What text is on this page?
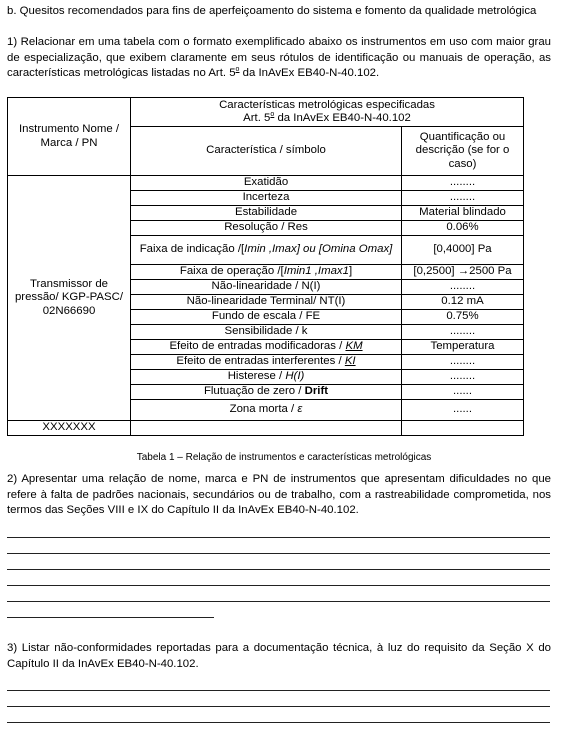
b. Quesitos recomendados para fins de aperfeiçoamento do sistema e fomento da qualidade metrológica

1) Relacionar em uma tabela com o formato exemplificado abaixo os instrumentos em uso com maior grau de especialização, que exibem claramente em seus rótulos de identificação ou manuais de operação, as características metrológicas listadas no Art. 5$^o$ da InAvEx EB40-N-40.102.

Instrumento Nome / Marca / PN	Características metrológicas especificadas
Art. 5$^o$ da InAvEx EB40-N-40.102	
	Característica / símbolo	Quantificação ou descrição (se for o caso)
Transmissor de pressão/ KGP-PASC/ 02N66690	Exatidão	........
	Incerteza	........
	Estabilidade	Material blindado
	Resolução / Res	0.06%
	Faixa de indicação /[Imin ,Imax] ou [Omina Omax]	[0,4000] Pa
	Faixa de operação /[Imin1 ,Imax1]	[0,2500] →2500 Pa
	Não-linearidade / N(I)	........
	Não-linearidade Terminal/ NT(I)	0.12 mA
	Fundo de escala / FE	0.75%
	Sensibilidade / k	........
	Efeito de entradas modificadoras / KM	Temperatura
	Efeito de entradas interferentes / KI	........
	Histerese / H(I)	........
	Flutuação de zero / Drift	......
	Zona morta / ε	......
XXXXXXX		
Tabela 1 – Relação de instrumentos e características metrológicas

2) Apresentar uma relação de nome, marca e PN de instrumentos que apresentam dificuldades no que refere à falta de padrões nacionais, secundários ou de trabalho, com a rastreabilidade comprometida, nos termos das Seções VIII e IX do Capítulo II da InAvEx EB40-N-40.102.

3) Listar não-conformidades reportadas para a documentação técnica, à luz do requisito da Seção X do Capítulo II da InAvEx EB40-N-40.102.
